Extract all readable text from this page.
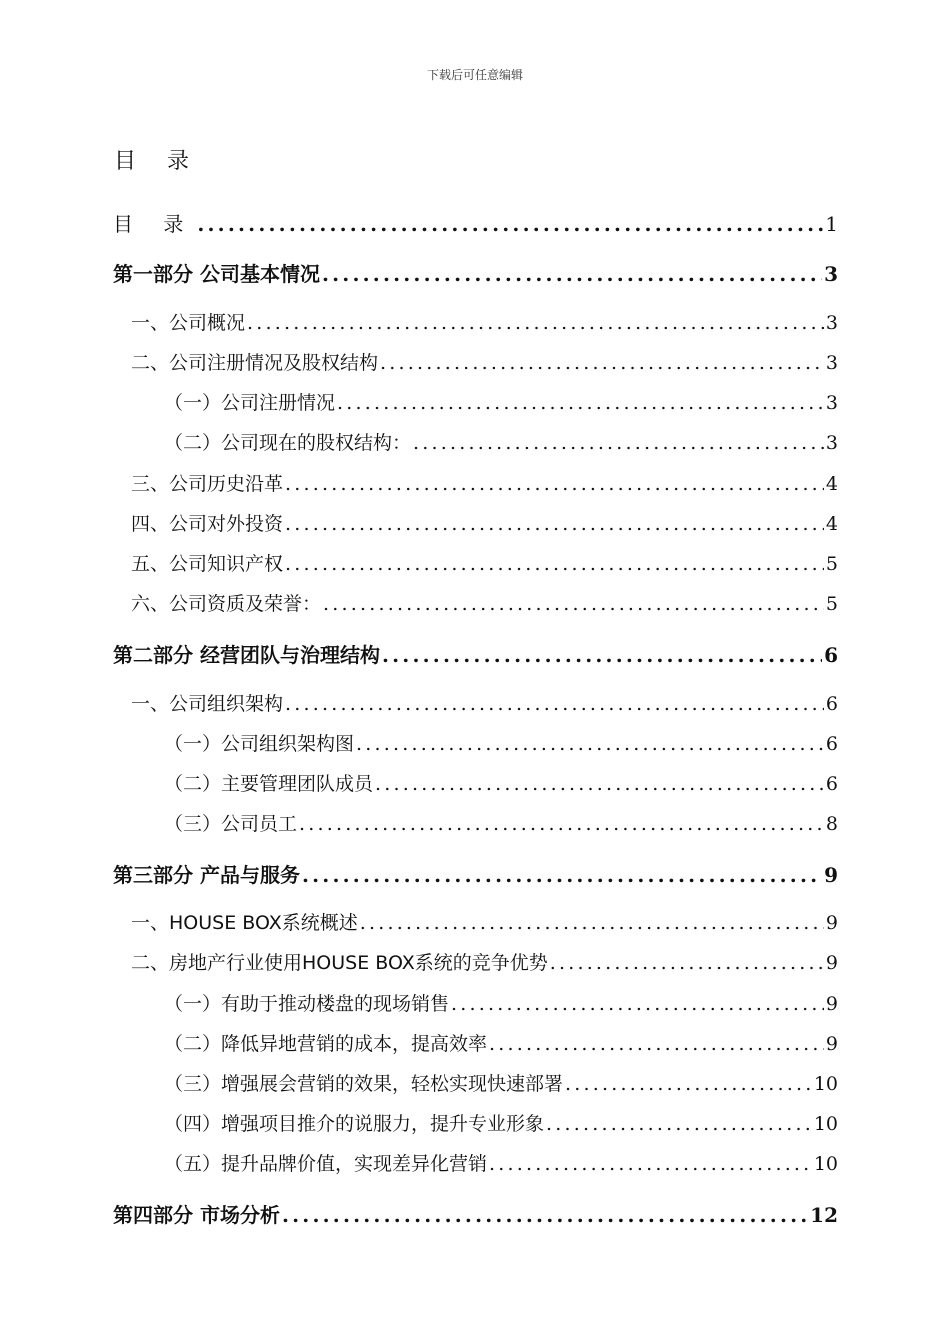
下载后可任意编辑
目 录
目 录 .....	1
第一部分 公司基本情况 .....	3
一、 公司概况 .....	3
二、 公司注册情况及股权结构 .....	3
（一） 公司注册情况 .....	3
（二） 公司现在的股权结构： .....	3
三、 公司历史沿革 .....	4
四、 公司对外投资 .....	4
五、 公司知识产权 .....	5
六、 公司资质及荣誉： .....	5
第二部分 经营团队与治理结构 .....	6
一、 公司组织架构 .....	6
（一） 公司组织架构图 .....	6
（二） 主要管理团队成员 .....	6
（三） 公司员工 .....	8
第三部分 产品与服务 .....	9
一、 HOUSE BOX系统概述 .....	9
二、 房地产行业使用HOUSE BOX系统的竞争优势 .....	9
（一） 有助于推动楼盘的现场销售 .....	9
（二） 降低异地营销的成本，提高效率 .....	9
（三） 增强展会营销的效果，轻松实现快速部署 .....	10
（四） 增强项目推介的说服力，提升专业形象 .....	10
（五） 提升品牌价值，实现差异化营销 .....	10
第四部分 市场分析 .....	12
